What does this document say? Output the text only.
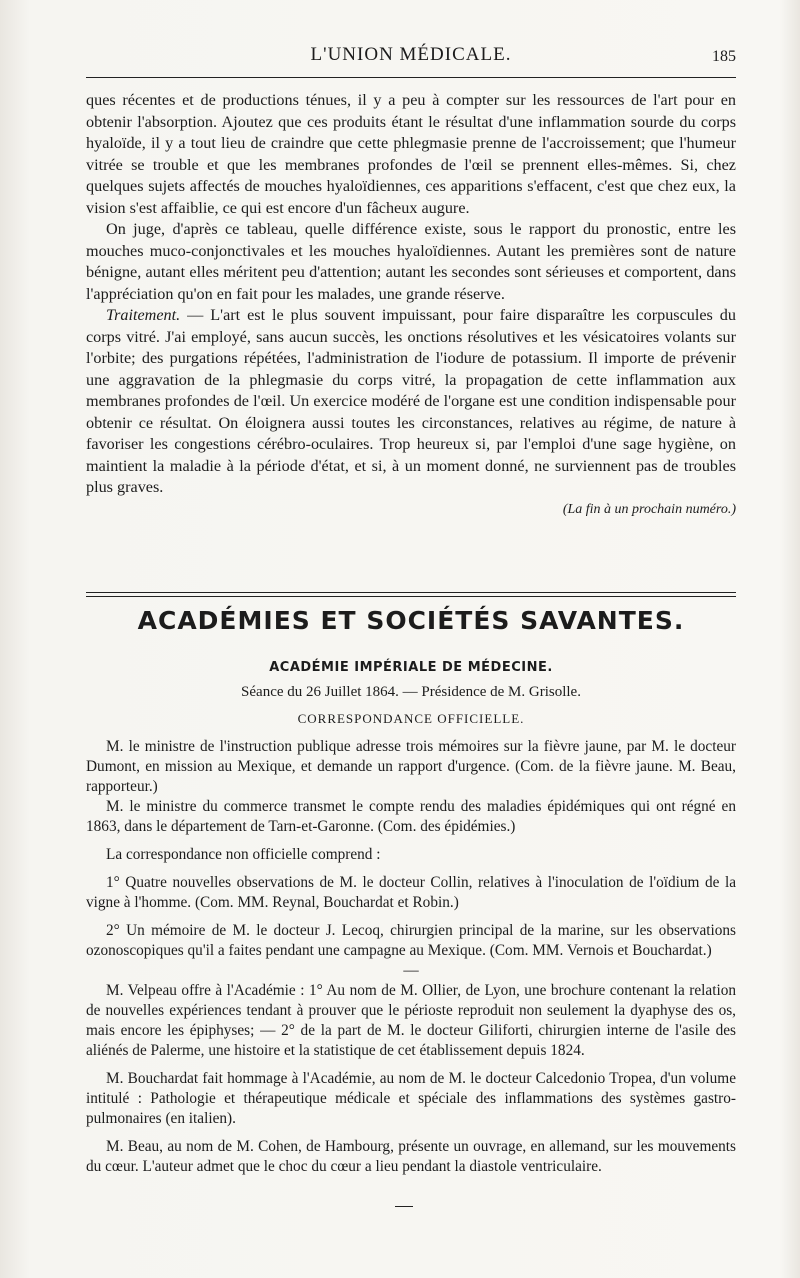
L'UNION MÉDICALE.	185

ques récentes et de productions ténues, il y a peu à compter sur les ressources de l'art pour en obtenir l'absorption. Ajoutez que ces produits étant le résultat d'une inflammation sourde du corps hyaloïde, il y a tout lieu de craindre que cette phlegmasie prenne de l'accroissement; que l'humeur vitrée se trouble et que les membranes profondes de l'œil se prennent elles-mêmes. Si, chez quelques sujets affectés de mouches hyaloïdiennes, ces apparitions s'effacent, c'est que chez eux, la vision s'est affaiblie, ce qui est encore d'un fâcheux augure.

On juge, d'après ce tableau, quelle différence existe, sous le rapport du pronostic, entre les mouches muco-conjonctivales et les mouches hyaloïdiennes. Autant les premières sont de nature bénigne, autant elles méritent peu d'attention; autant les secondes sont sérieuses et comportent, dans l'appréciation qu'on en fait pour les malades, une grande réserve.

Traitement. — L'art est le plus souvent impuissant, pour faire disparaître les corpuscules du corps vitré. J'ai employé, sans aucun succès, les onctions résolutives et les vésicatoires volants sur l'orbite; des purgations répétées, l'administration de l'iodure de potassium. Il importe de prévenir une aggravation de la phlegmasie du corps vitré, la propagation de cette inflammation aux membranes profondes de l'œil. Un exercice modéré de l'organe est une condition indispensable pour obtenir ce résultat. On éloignera aussi toutes les circonstances, relatives au régime, de nature à favoriser les congestions cérébro-oculaires. Trop heureux si, par l'emploi d'une sage hygiène, on maintient la maladie à la période d'état, et si, à un moment donné, ne surviennent pas de troubles plus graves.

(La fin à un prochain numéro.)

ACADÉMIES ET SOCIÉTÉS SAVANTES.
ACADÉMIE IMPÉRIALE DE MÉDECINE.
Séance du 26 Juillet 1864. — Présidence de M. Grisolle.
CORRESPONDANCE OFFICIELLE.

M. le ministre de l'instruction publique adresse trois mémoires sur la fièvre jaune, par M. le docteur Dumont, en mission au Mexique, et demande un rapport d'urgence. (Com. de la fièvre jaune. M. Beau, rapporteur.)

M. le ministre du commerce transmet le compte rendu des maladies épidémiques qui ont régné en 1863, dans le département de Tarn-et-Garonne. (Com. des épidémies.)

La correspondance non officielle comprend :

1° Quatre nouvelles observations de M. le docteur Collin, relatives à l'inoculation de l'oïdium de la vigne à l'homme. (Com. MM. Reynal, Bouchardat et Robin.)

2° Un mémoire de M. le docteur J. Lecoq, chirurgien principal de la marine, sur les observations ozonoscopiques qu'il a faites pendant une campagne au Mexique. (Com. MM. Vernois et Bouchardat.)

—

M. Velpeau offre à l'Académie : 1° Au nom de M. Ollier, de Lyon, une brochure contenant la relation de nouvelles expériences tendant à prouver que le périoste reproduit non seulement la dyaphyse des os, mais encore les épiphyses; — 2° de la part de M. le docteur Giliforti, chirurgien interne de l'asile des aliénés de Palerme, une histoire et la statistique de cet établissement depuis 1824.

M. Bouchardat fait hommage à l'Académie, au nom de M. le docteur Calcedonio Tropea, d'un volume intitulé : Pathologie et thérapeutique médicale et spéciale des inflammations des systèmes gastro-pulmonaires (en italien).

M. Beau, au nom de M. Cohen, de Hambourg, présente un ouvrage, en allemand, sur les mouvements du cœur. L'auteur admet que le choc du cœur a lieu pendant la diastole ventriculaire.
